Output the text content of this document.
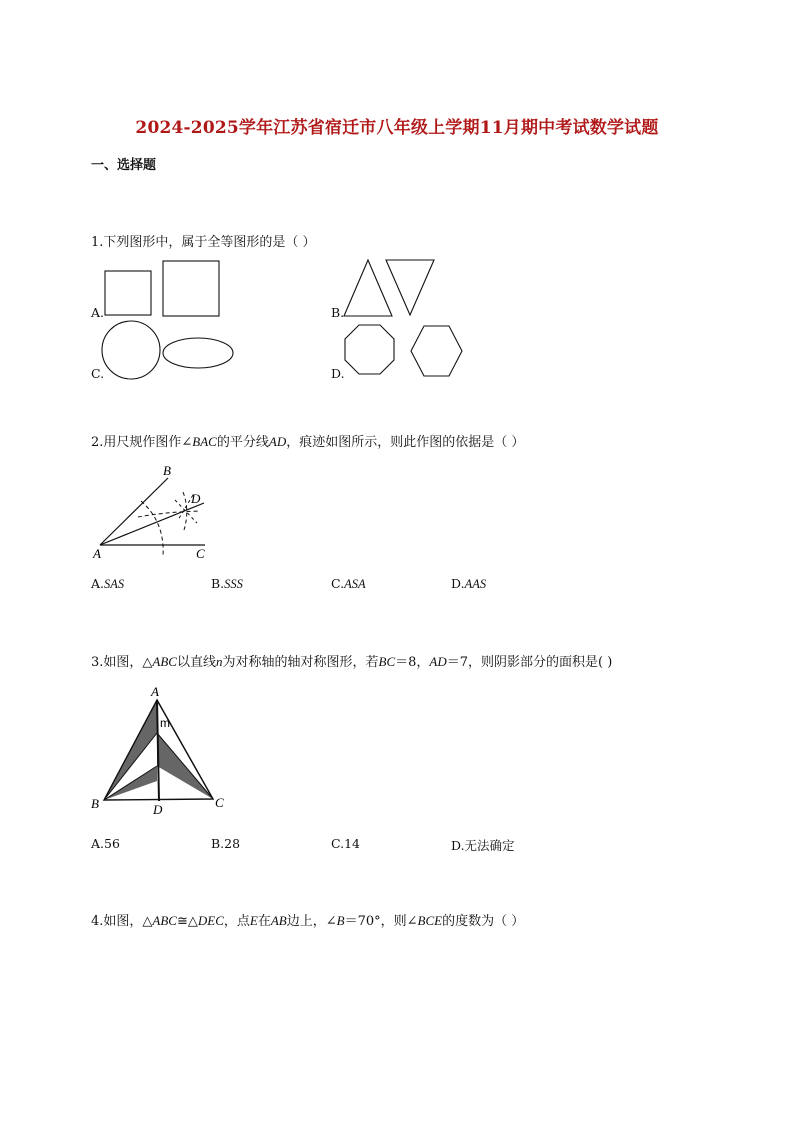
2024-2025学年江苏省宿迁市八年级上学期11月期中考试数学试题
一、选择题
1.下列图形中，属于全等图形的是（ ）
A.	B.
C.	D.
2.用尺规作图作∠BAC的平分线AD，痕迹如图所示，则此作图的依据是（ ）
A
B
C
D
A.SAS	B.SSS	C.ASA	D.AAS
3.如图，△ABC以直线n为对称轴的轴对称图形，若BC＝8，AD＝7，则阴影部分的面积是( )
A
B	C
D
m
A.56	B.28	C.14	D.无法确定
4.如图，△ABC≅△DEC，点E在AB边上，∠B＝70°，则∠BCE的度数为（ ）
